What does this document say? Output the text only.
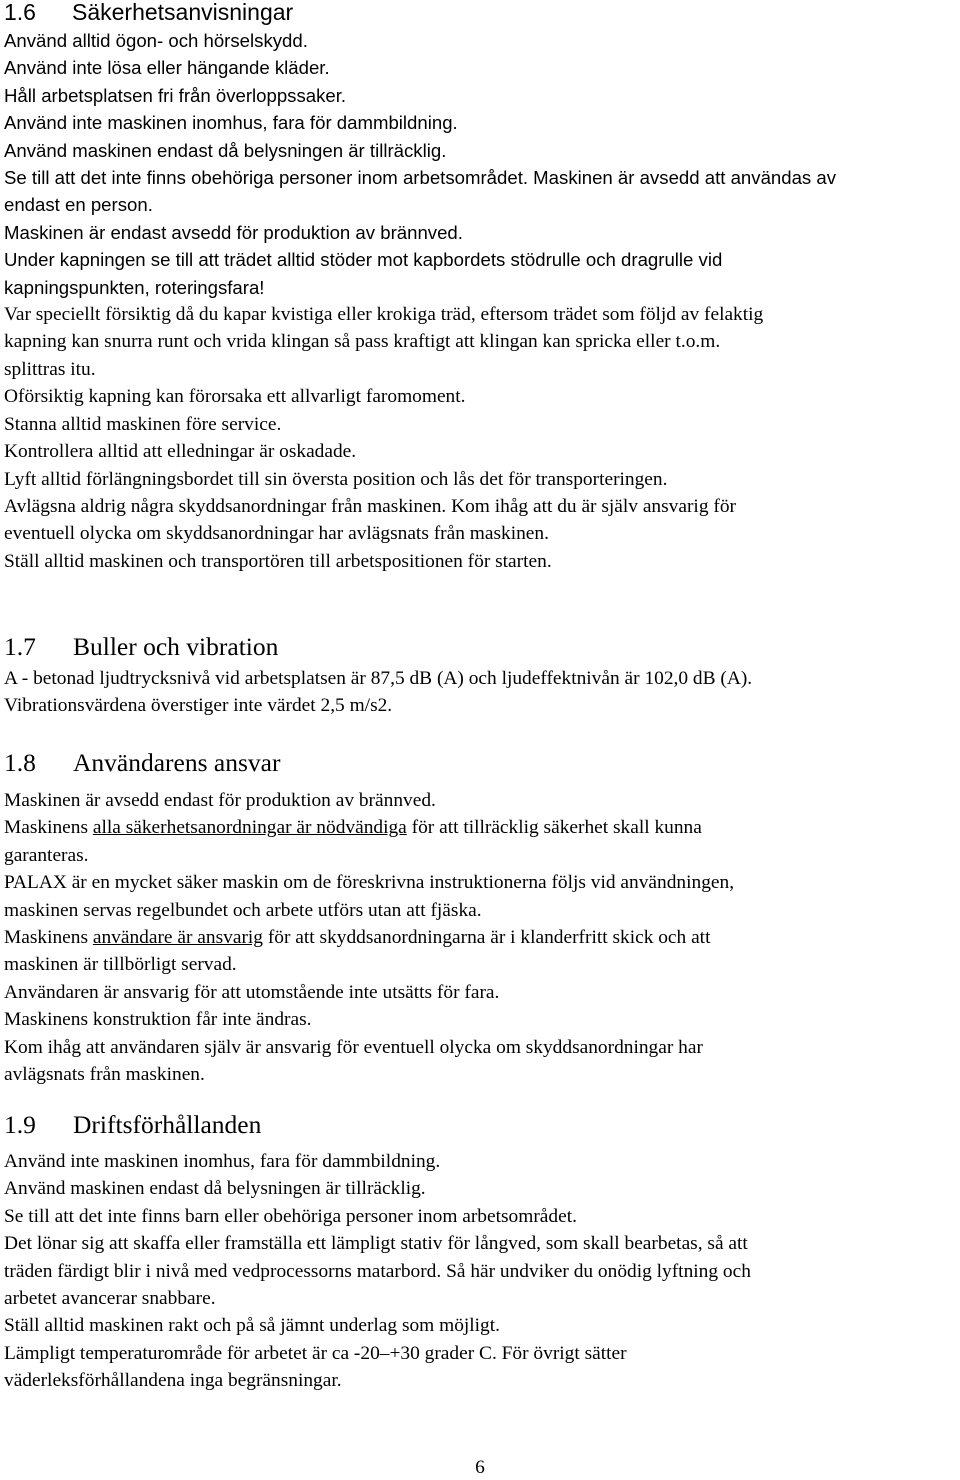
1.6 Säkerhetsanvisningar
Använd alltid ögon- och hörselskydd.
Använd inte lösa eller hängande kläder.
Håll arbetsplatsen fri från överloppssaker.
Använd inte maskinen inomhus, fara för dammbildning.
Använd maskinen endast då belysningen är tillräcklig.
Se till att det inte finns obehöriga personer inom arbetsområdet. Maskinen är avsedd att användas av
endast en person.
Maskinen är endast avsedd för produktion av brännved.
Under kapningen se till att trädet alltid stöder mot kapbordets stödrulle och dragrulle vid
kapningspunkten, roteringsfara!
Var speciellt försiktig då du kapar kvistiga eller krokiga träd, eftersom trädet som följd av felaktig
kapning kan snurra runt och vrida klingan så pass kraftigt att klingan kan spricka eller t.o.m.
splittras itu.
Oförsiktig kapning kan förorsaka ett allvarligt faromoment.
Stanna alltid maskinen före service.
Kontrollera alltid att elledningar är oskadade.
Lyft alltid förlängningsbordet till sin översta position och lås det för transporteringen.
Avlägsna aldrig några skyddsanordningar från maskinen. Kom ihåg att du är själv ansvarig för
eventuell olycka om skyddsanordningar har avlägsnats från maskinen.
Ställ alltid maskinen och transportören till arbetspositionen för starten.
1.7 Buller och vibration
A - betonad ljudtrycksnivå vid arbetsplatsen är 87,5 dB (A) och ljudeffektnivån är 102,0 dB (A).
Vibrationsvärdena överstiger inte värdet 2,5 m/s2.
1.8 Användarens ansvar
Maskinen är avsedd endast för produktion av brännved.
Maskinens alla säkerhetsanordningar är nödvändiga för att tillräcklig säkerhet skall kunna
garanteras.
PALAX är en mycket säker maskin om de föreskrivna instruktionerna följs vid användningen,
maskinen servas regelbundet och arbete utförs utan att fjäska.
Maskinens användare är ansvarig för att skyddsanordningarna är i klanderfritt skick och att
maskinen är tillbörligt servad.
Användaren är ansvarig för att utomstående inte utsätts för fara.
Maskinens konstruktion får inte ändras.
Kom ihåg att användaren själv är ansvarig för eventuell olycka om skyddsanordningar har
avlägsnats från maskinen.
1.9 Driftsförhållanden
Använd inte maskinen inomhus, fara för dammbildning.
Använd maskinen endast då belysningen är tillräcklig.
Se till att det inte finns barn eller obehöriga personer inom arbetsområdet.
Det lönar sig att skaffa eller framställa ett lämpligt stativ för långved, som skall bearbetas, så att
träden färdigt blir i nivå med vedprocessorns matarbord. Så här undviker du onödig lyftning och
arbetet avancerar snabbare.
Ställ alltid maskinen rakt och på så jämnt underlag som möjligt.
Lämpligt temperaturområde för arbetet är ca -20–+30 grader C. För övrigt sätter
väderleksförhållandena inga begränsningar.
6
